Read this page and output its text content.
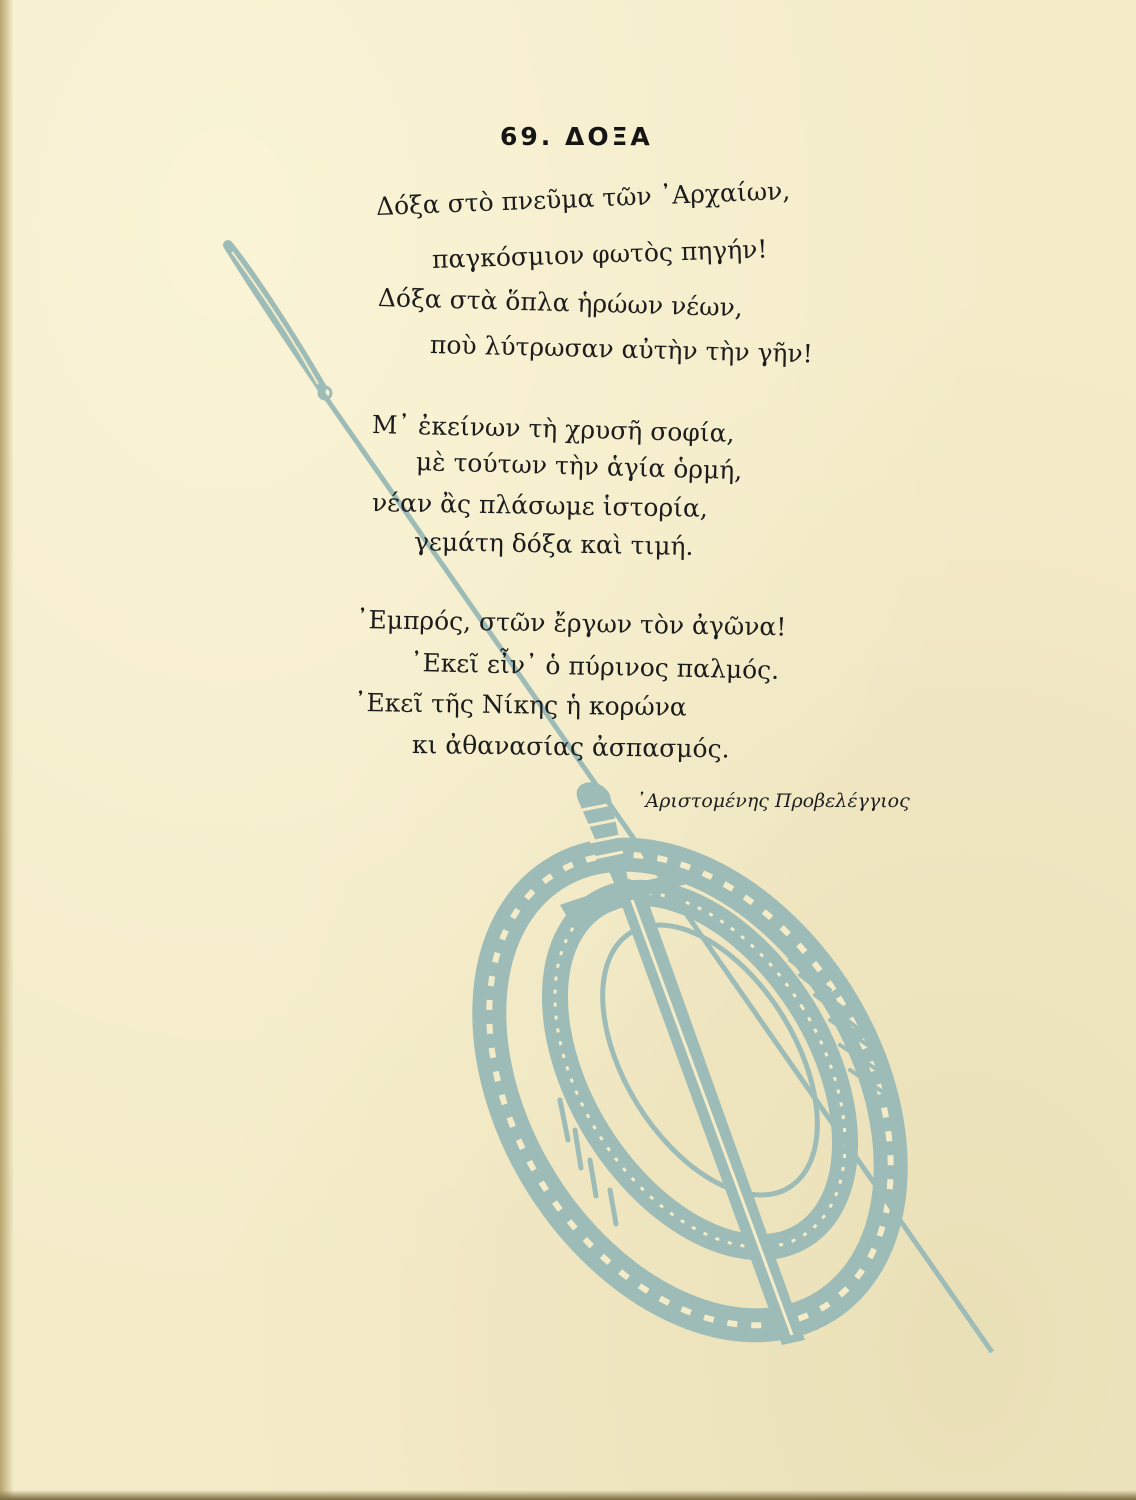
69. ΔΟΞΑ
Δόξα στὸ πνεῦμα τῶν ᾿Αρχαίων,
παγκόσμιον φωτὸς πηγήν!
Δόξα στὰ ὅπλα ἡρώων νέων,
ποὺ λύτρωσαν αὐτὴν τὴν γῆν!
Μ᾿ ἐκείνων τὴ χρυσῆ σοφία,
μὲ τούτων τὴν ἁγία ὁρμή,
νέαν ἂς πλάσωμε ἱστορία,
γεμάτη δόξα καὶ τιμή.
᾿Εμπρός, στῶν ἔργων τὸν ἀγῶνα!
᾿Εκεῖ εἶν᾿ ὁ πύρινος παλμός.
᾿Εκεῖ τῆς Νίκης ἡ κορώνα
κι ἀθανασίας ἀσπασμός.
᾿Αριστομένης Προβελέγγιος
